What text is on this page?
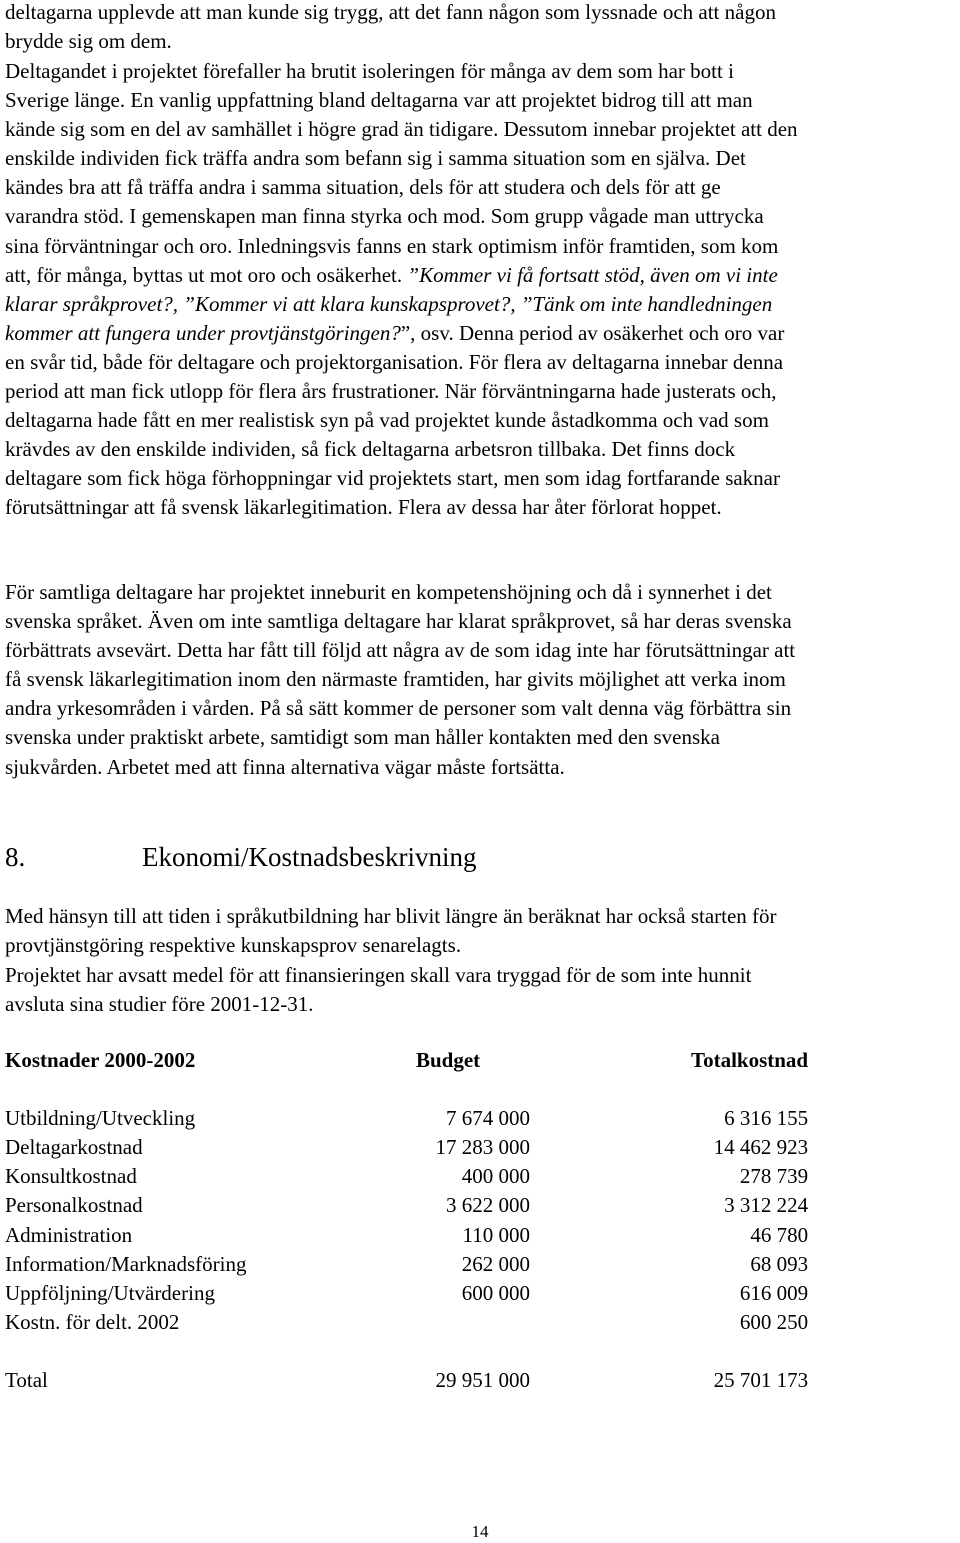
deltagarna upplevde att man kunde sig trygg, att det fann någon som lyssnade och att någon
brydde sig om dem.

Deltagandet i projektet förefaller ha brutit isoleringen för många av dem som har bott i
Sverige länge. En vanlig uppfattning bland deltagarna var att projektet bidrog till att man
kände sig som en del av samhället i högre grad än tidigare. Dessutom innebar projektet att den
enskilde individen fick träffa andra som befann sig i samma situation som en själva. Det
kändes bra att få träffa andra i samma situation, dels för att studera och dels för att ge
varandra stöd. I gemenskapen man finna styrka och mod. Som grupp vågade man uttrycka
sina förväntningar och oro. Inledningsvis fanns en stark optimism inför framtiden, som kom
att, för många, byttas ut mot oro och osäkerhet. ”Kommer vi få fortsatt stöd, även om vi inte
klarar språkprovet?, ”Kommer vi att klara kunskapsprovet?, ”Tänk om inte handledningen
kommer att fungera under provtjänstgöringen?”, osv. Denna period av osäkerhet och oro var
en svår tid, både för deltagare och projektorganisation. För flera av deltagarna innebar denna
period att man fick utlopp för flera års frustrationer. När förväntningarna hade justerats och,
deltagarna hade fått en mer realistisk syn på vad projektet kunde åstadkomma och vad som
krävdes av den enskilde individen, så fick deltagarna arbetsron tillbaka. Det finns dock
deltagare som fick höga förhoppningar vid projektets start, men som idag fortfarande saknar
förutsättningar att få svensk läkarlegitimation. Flera av dessa har åter förlorat hoppet.

För samtliga deltagare har projektet inneburit en kompetenshöjning och då i synnerhet i det
svenska språket. Även om inte samtliga deltagare har klarat språkprovet, så har deras svenska
förbättrats avsevärt. Detta har fått till följd att några av de som idag inte har förutsättningar att
få svensk läkarlegitimation inom den närmaste framtiden, har givits möjlighet att verka inom
andra yrkesområden i vården. På så sätt kommer de personer som valt denna väg förbättra sin
svenska under praktiskt arbete, samtidigt som man håller kontakten med den svenska
sjukvården. Arbetet med att finna alternativa vägar måste fortsätta.

8.	Ekonomi/Kostnadsbeskrivning

Med hänsyn till att tiden i språkutbildning har blivit längre än beräknat har också starten för
provtjänstgöring respektive kunskapsprov senarelagts.

Projektet har avsatt medel för att finansieringen skall vara tryggad för de som inte hunnit
avsluta sina studier före 2001-12-31.

Kostnader 2000-2002	Budget		Totalkostnad

Utbildning/Utveckling	7 674 000		6 316 155
Deltagarkostnad	17 283 000		14 462 923
Konsultkostnad	400 000		278 739
Personalkostnad	3 622 000		3 312 224
Administration	110 000		46 780
Information/Marknadsföring	262 000		68 093
Uppföljning/Utvärdering	600 000		616 009
Kostn. för delt. 2002			600 250

Total	29 951 000		25 701 173
14
